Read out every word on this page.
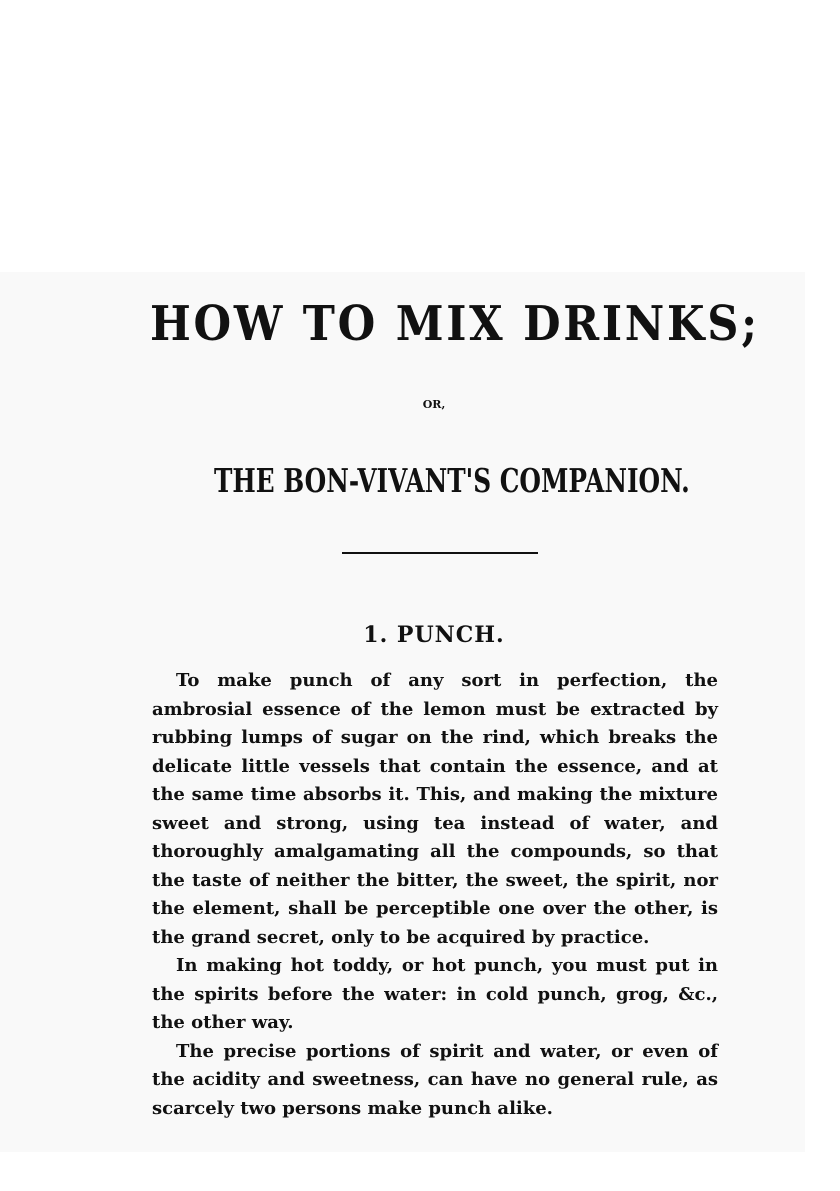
HOW TO MIX DRINKS;
OR,
THE BON-VIVANT'S COMPANION.
1. PUNCH.

To make punch of any sort in perfection, the ambrosial essence of the lemon must be extracted by rubbing lumps of sugar on the rind, which breaks the delicate little vessels that contain the essence, and at the same time absorbs it. This, and making the mixture sweet and strong, using tea instead of water, and thoroughly amalgamating all the compounds, so that the taste of neither the bitter, the sweet, the spirit, nor the element, shall be perceptible one over the other, is the grand secret, only to be acquired by practice.

In making hot toddy, or hot punch, you must put in the spirits before the water: in cold punch, grog, &c., the other way.

The precise portions of spirit and water, or even of the acidity and sweetness, can have no general rule, as scarcely two persons make punch alike.
